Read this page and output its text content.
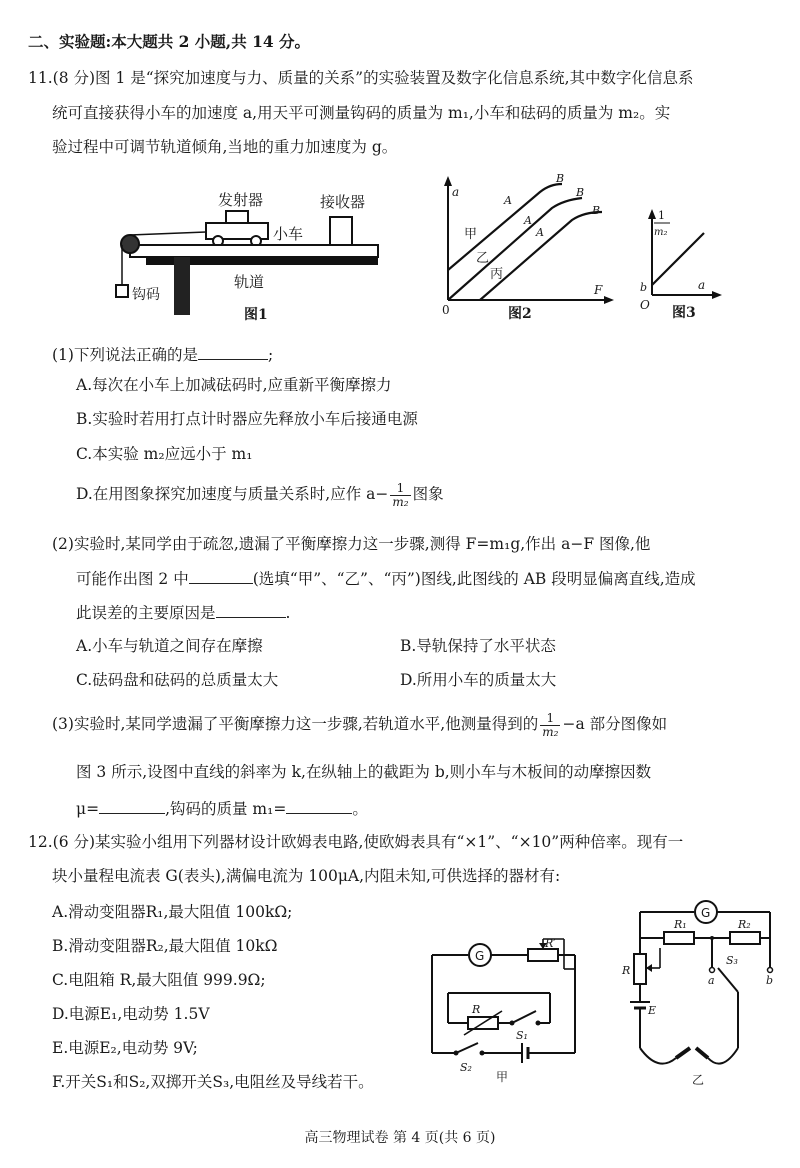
二、实验题:本大题共 2 小题,共 14 分。
11.(8 分)图 1 是“探究加速度与力、质量的关系”的实验装置及数字化信息系统,其中数字化信息系
统可直接获得小车的加速度 a,用天平可测量钩码的质量为 m₁,小车和砝码的质量为 m₂。实
验过程中可调节轨道倾角,当地的重力加速度为 g。
发射器	接收器
小车
轨道
钩码
图1
a
F
0
甲
乙
丙
A
A
A
B
B
B
图2
1
m₂
b
O
a
图3
(1)下列说法正确的是	;
A.每次在小车上加减砝码时,应重新平衡摩擦力
B.实验时若用打点计时器应先释放小车后接通电源
C.本实验 m₂应远小于 m₁
D.在用图象探究加速度与质量关系时,应作 $a- \frac{1}{\text{m₂}}$ 图象
(2)实验时,某同学由于疏忽,遗漏了平衡摩擦力这一步骤,测得 F=m₁g,作出 a−F 图像,他
可能作出图 2 中	(选填“甲”、“乙”、“丙”)图线,此图线的 AB 段明显偏离直线,造成
此误差的主要原因是	.
A.小车与轨道之间存在摩擦	B.导轨保持了水平状态
C.砝码盘和砝码的总质量太大	D.所用小车的质量太大
(3)实验时,某同学遗漏了平衡摩擦力这一步骤,若轨道水平,他测量得到的 $\frac{1}{\text{m₂}} -a$ 部分图像如
图 3 所示,设图中直线的斜率为 k,在纵轴上的截距为 b,则小车与木板间的动摩擦因数
μ=	,钩码的质量 m₁=	。
12.(6 分)某实验小组用下列器材设计欧姆表电路,使欧姆表具有“×1”、“×10”两种倍率。现有一
块小量程电流表 G(表头),满偏电流为 100μA,内阻未知,可供选择的器材有:
A.滑动变阻器R₁,最大阻值 100kΩ;
B.滑动变阻器R₂,最大阻值 10kΩ
C.电阻箱 R,最大阻值 999.9Ω;
D.电源E₁,电动势 1.5V
E.电源E₂,电动势 9V;
F.开关S₁和S₂,双掷开关S₃,电阻丝及导线若干。
G
R′
R
S₁
S₂
甲
G
R₁	R₂
b
a
S₃
R
E
乙
高三物理试卷 第 4 页(共 6 页)
